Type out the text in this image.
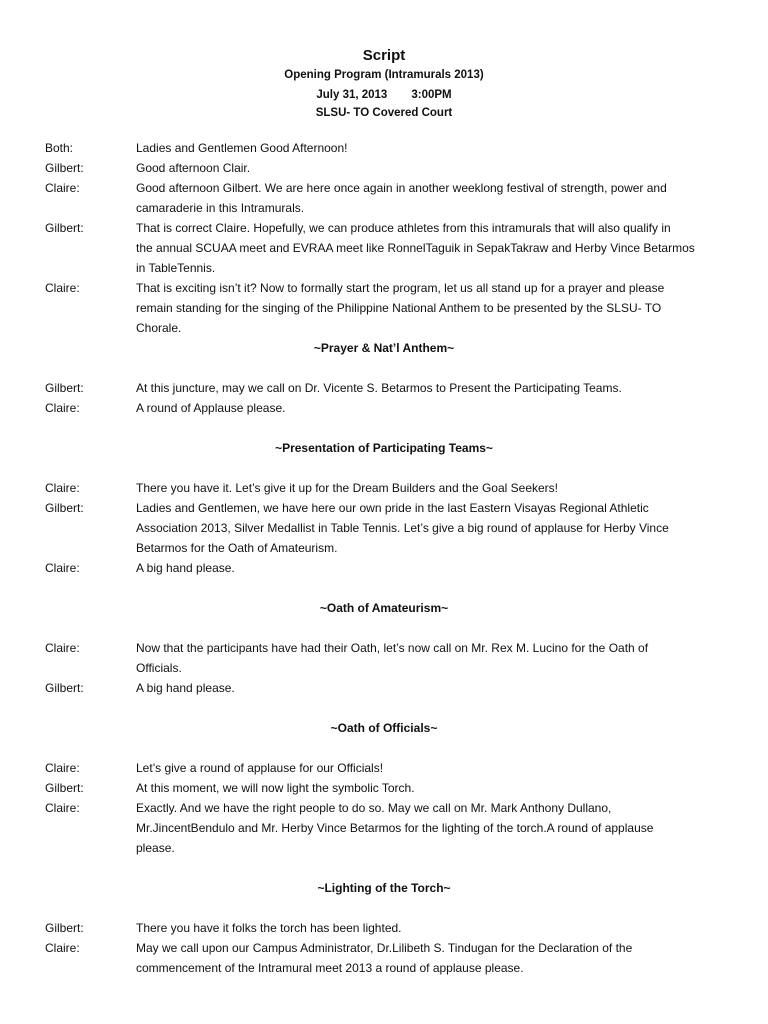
Script
Opening Program (Intramurals 2013)
July 31, 2013 3:00PM
SLSU- TO Covered Court
Both:	Ladies and Gentlemen Good Afternoon!
Gilbert:	Good afternoon Clair.
Claire:	Good afternoon Gilbert. We are here once again in another weeklong festival of strength, power and
camaraderie in this Intramurals.
Gilbert:	That is correct Claire. Hopefully, we can produce athletes from this intramurals that will also qualify in
the annual SCUAA meet and EVRAA meet like RonnelTaguik in SepakTakraw and Herby Vince Betarmos
in TableTennis.
Claire:	That is exciting isn’t it? Now to formally start the program, let us all stand up for a prayer and please
remain standing for the singing of the Philippine National Anthem to be presented by the SLSU- TO
Chorale.
~Prayer & Nat’l Anthem~
Gilbert:	At this juncture, may we call on Dr. Vicente S. Betarmos to Present the Participating Teams.
Claire:	A round of Applause please.
~Presentation of Participating Teams~
Claire:	There you have it. Let’s give it up for the Dream Builders and the Goal Seekers!
Gilbert:	Ladies and Gentlemen, we have here our own pride in the last Eastern Visayas Regional Athletic
Association 2013, Silver Medallist in Table Tennis. Let’s give a big round of applause for Herby Vince
Betarmos for the Oath of Amateurism.
Claire:	A big hand please.
~Oath of Amateurism~
Claire:	Now that the participants have had their Oath, let’s now call on Mr. Rex M. Lucino for the Oath of
Officials.
Gilbert:	A big hand please.
~Oath of Officials~
Claire:	Let’s give a round of applause for our Officials!
Gilbert:	At this moment, we will now light the symbolic Torch.
Claire:	Exactly. And we have the right people to do so. May we call on Mr. Mark Anthony Dullano,
Mr.JincentBendulo and Mr. Herby Vince Betarmos for the lighting of the torch.A round of applause
please.
~Lighting of the Torch~
Gilbert:	There you have it folks the torch has been lighted.
Claire:	May we call upon our Campus Administrator, Dr.Lilibeth S. Tindugan for the Declaration of the
commencement of the Intramural meet 2013 a round of applause please.
